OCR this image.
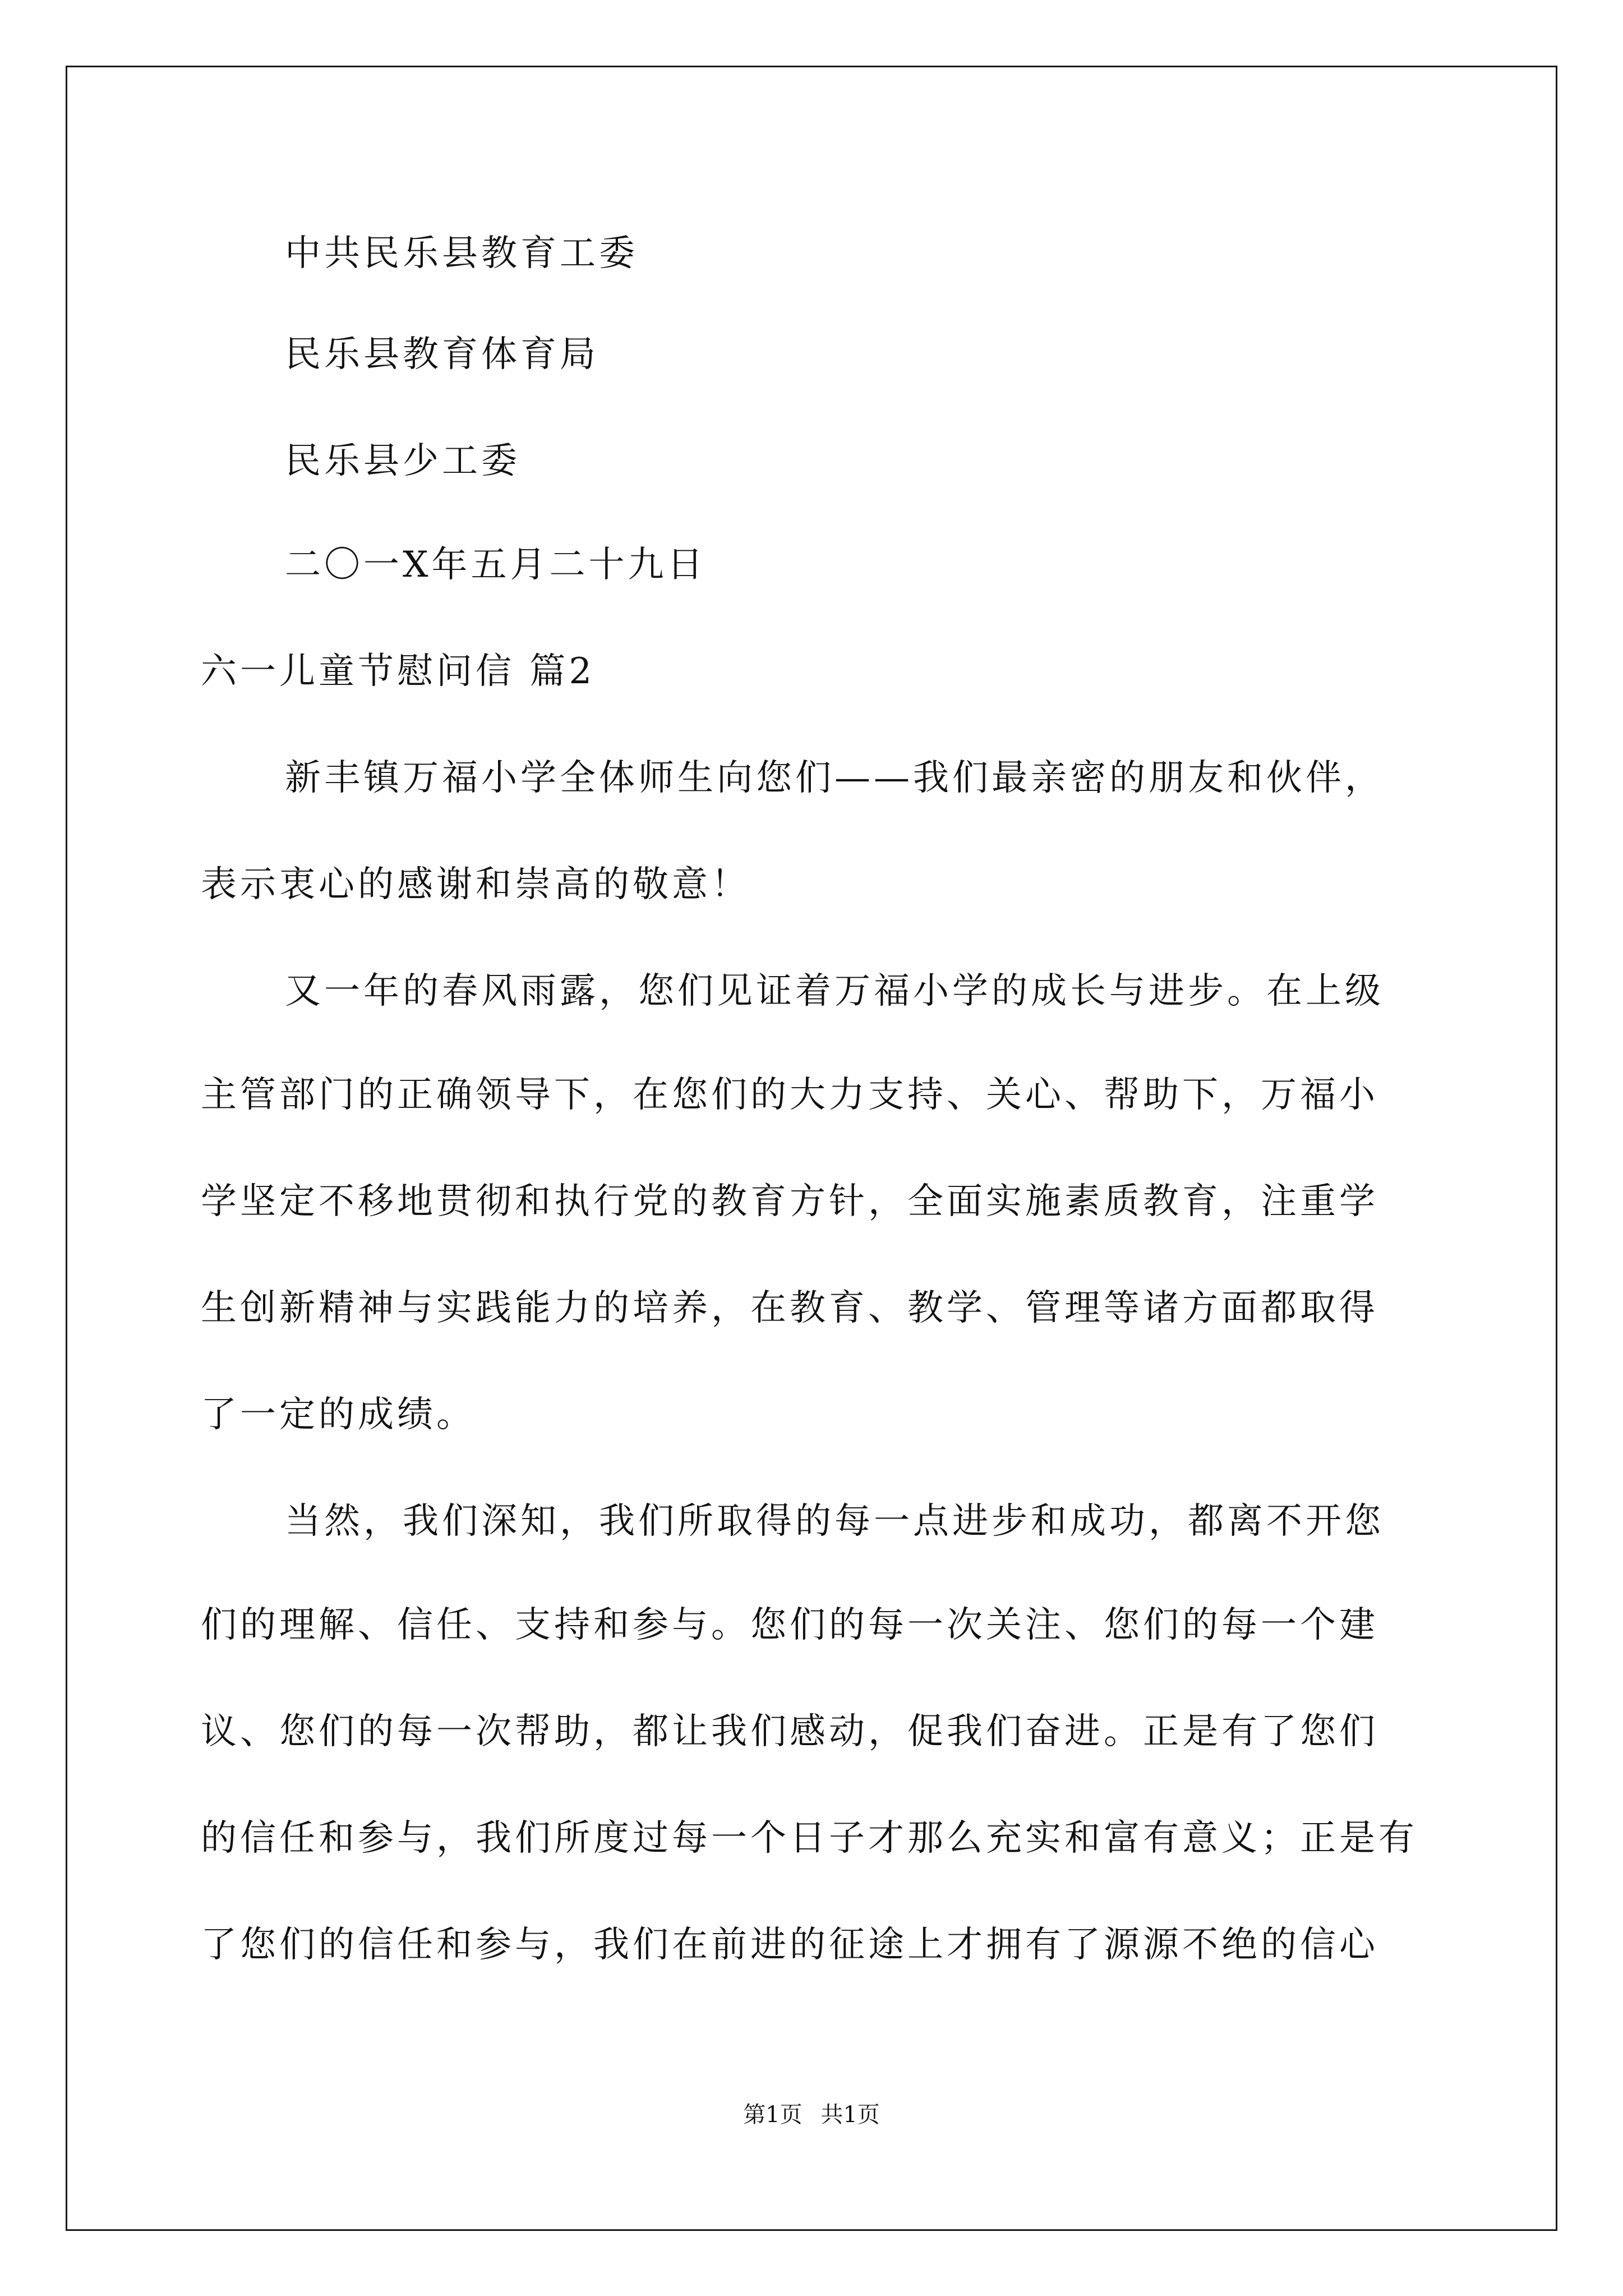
中共民乐县教育工委
民乐县教育体育局
民乐县少工委
二〇一X年五月二十九日
六一儿童节慰问信 篇2
新丰镇万福小学全体师生向您们——我们最亲密的朋友和伙伴，
表示衷心的感谢和崇高的敬意！
又一年的春风雨露，您们见证着万福小学的成长与进步。在上级
主管部门的正确领导下，在您们的大力支持、关心、帮助下，万福小
学坚定不移地贯彻和执行党的教育方针，全面实施素质教育，注重学
生创新精神与实践能力的培养，在教育、教学、管理等诸方面都取得
了一定的成绩。
当然，我们深知，我们所取得的每一点进步和成功，都离不开您
们的理解、信任、支持和参与。您们的每一次关注、您们的每一个建
议、您们的每一次帮助，都让我们感动，促我们奋进。正是有了您们
的信任和参与，我们所度过每一个日子才那么充实和富有意义；正是有
了您们的信任和参与，我们在前进的征途上才拥有了源源不绝的信心
第1页 共1页
